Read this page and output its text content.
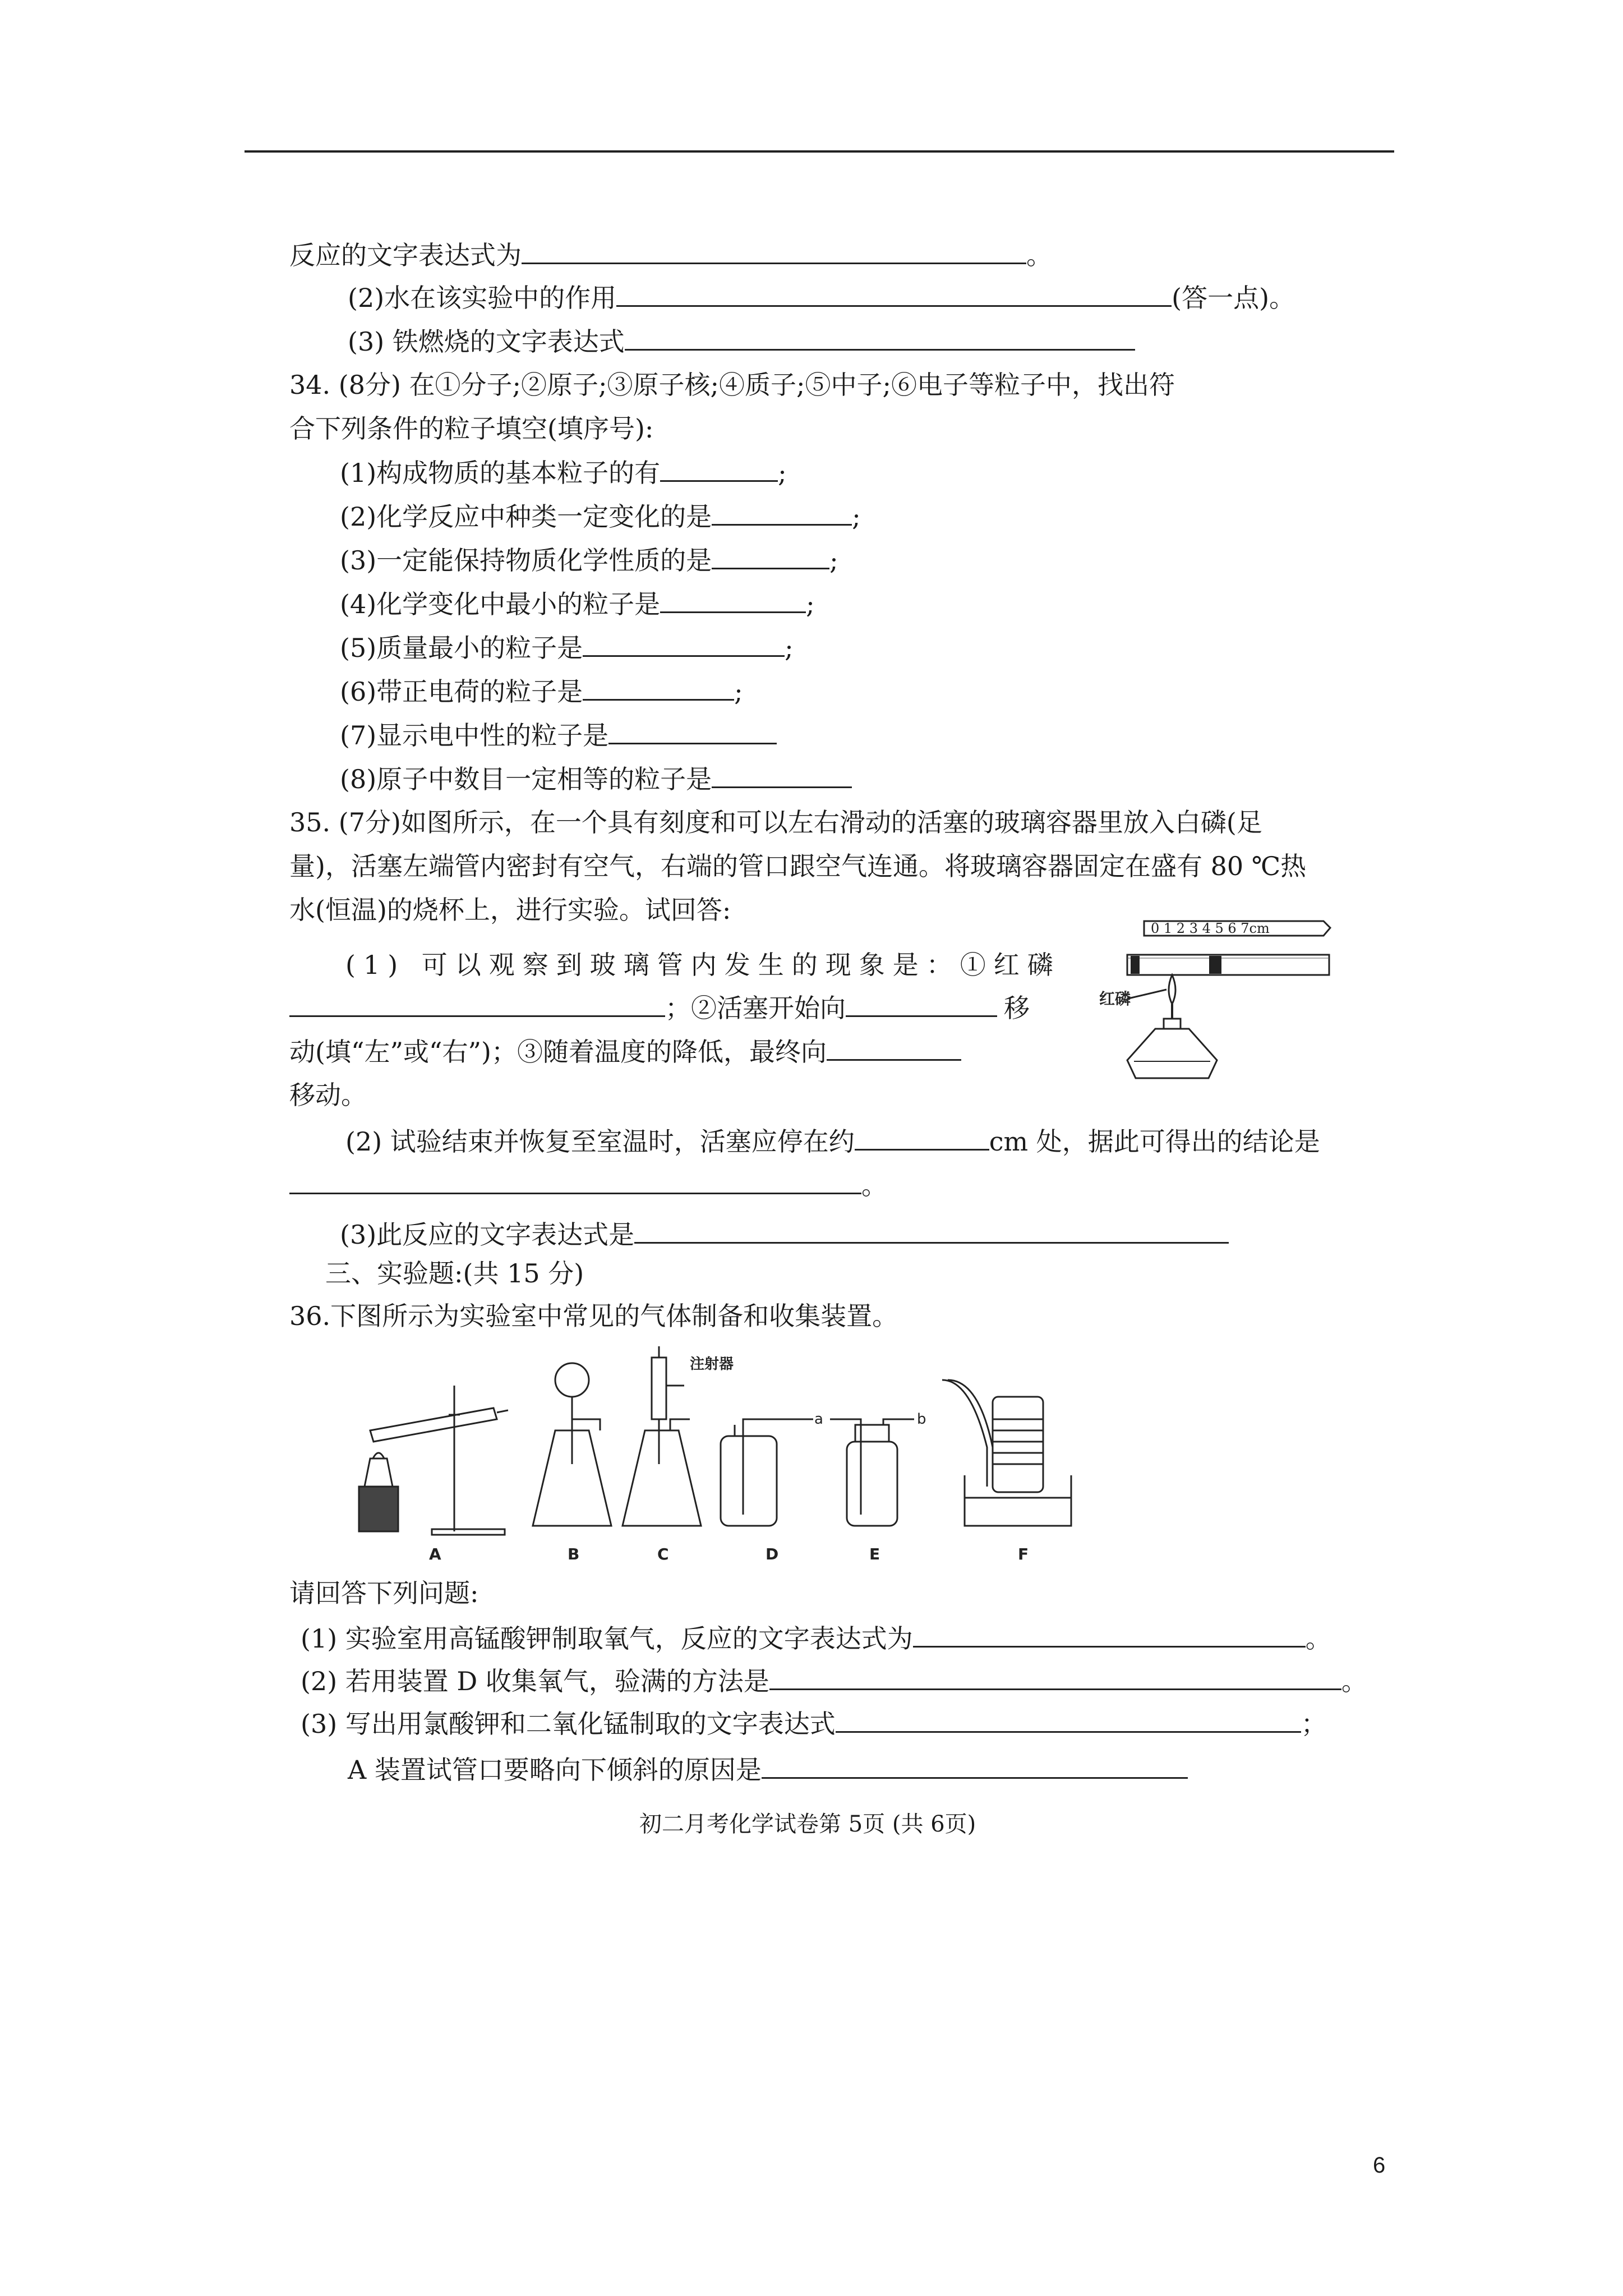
反应的文字表达式为	。
(2)水在该实验中的作用	(答一点)。
(3) 铁燃烧的文字表达式
34. (8分) 在①分子;②原子;③原子核;④质子;⑤中子;⑥电子等粒子中，找出符
合下列条件的粒子填空(填序号):
(1)构成物质的基本粒子的有	;
(2)化学反应中种类一定变化的是	;
(3)一定能保持物质化学性质的是	;
(4)化学变化中最小的粒子是	;
(5)质量最小的粒子是	;
(6)带正电荷的粒子是	;
(7)显示电中性的粒子是
(8)原子中数目一定相等的粒子是
35. (7分)如图所示，在一个具有刻度和可以左右滑动的活塞的玻璃容器里放入白磷(足
量)，活塞左端管内密封有空气，右端的管口跟空气连通。将玻璃容器固定在盛有 80 ℃热
水(恒温)的烧杯上，进行实验。试回答:
(1) 可以观察到玻璃管内发生的现象是：①红磷
；②活塞开始向	移
动(填“左”或“右”)；③随着温度的降低，最终向
移动。
(2) 试验结束并恢复至室温时，活塞应停在约	cm 处，据此可得出的结论是
。
(3)此反应的文字表达式是
0 1 2 3 4 5 6 7cm
红磷
三、实验题:(共 15 分)
36.下图所示为实验室中常见的气体制备和收集装置。
注射器
a	b
A	B	C	D	E	F
请回答下列问题:
(1) 实验室用高锰酸钾制取氧气，反应的文字表达式为	。
(2) 若用装置 D 收集氧气，验满的方法是	。
(3) 写出用氯酸钾和二氧化锰制取的文字表达式	；
A 装置试管口要略向下倾斜的原因是
初二月考化学试卷第 5页 (共 6页)
6
